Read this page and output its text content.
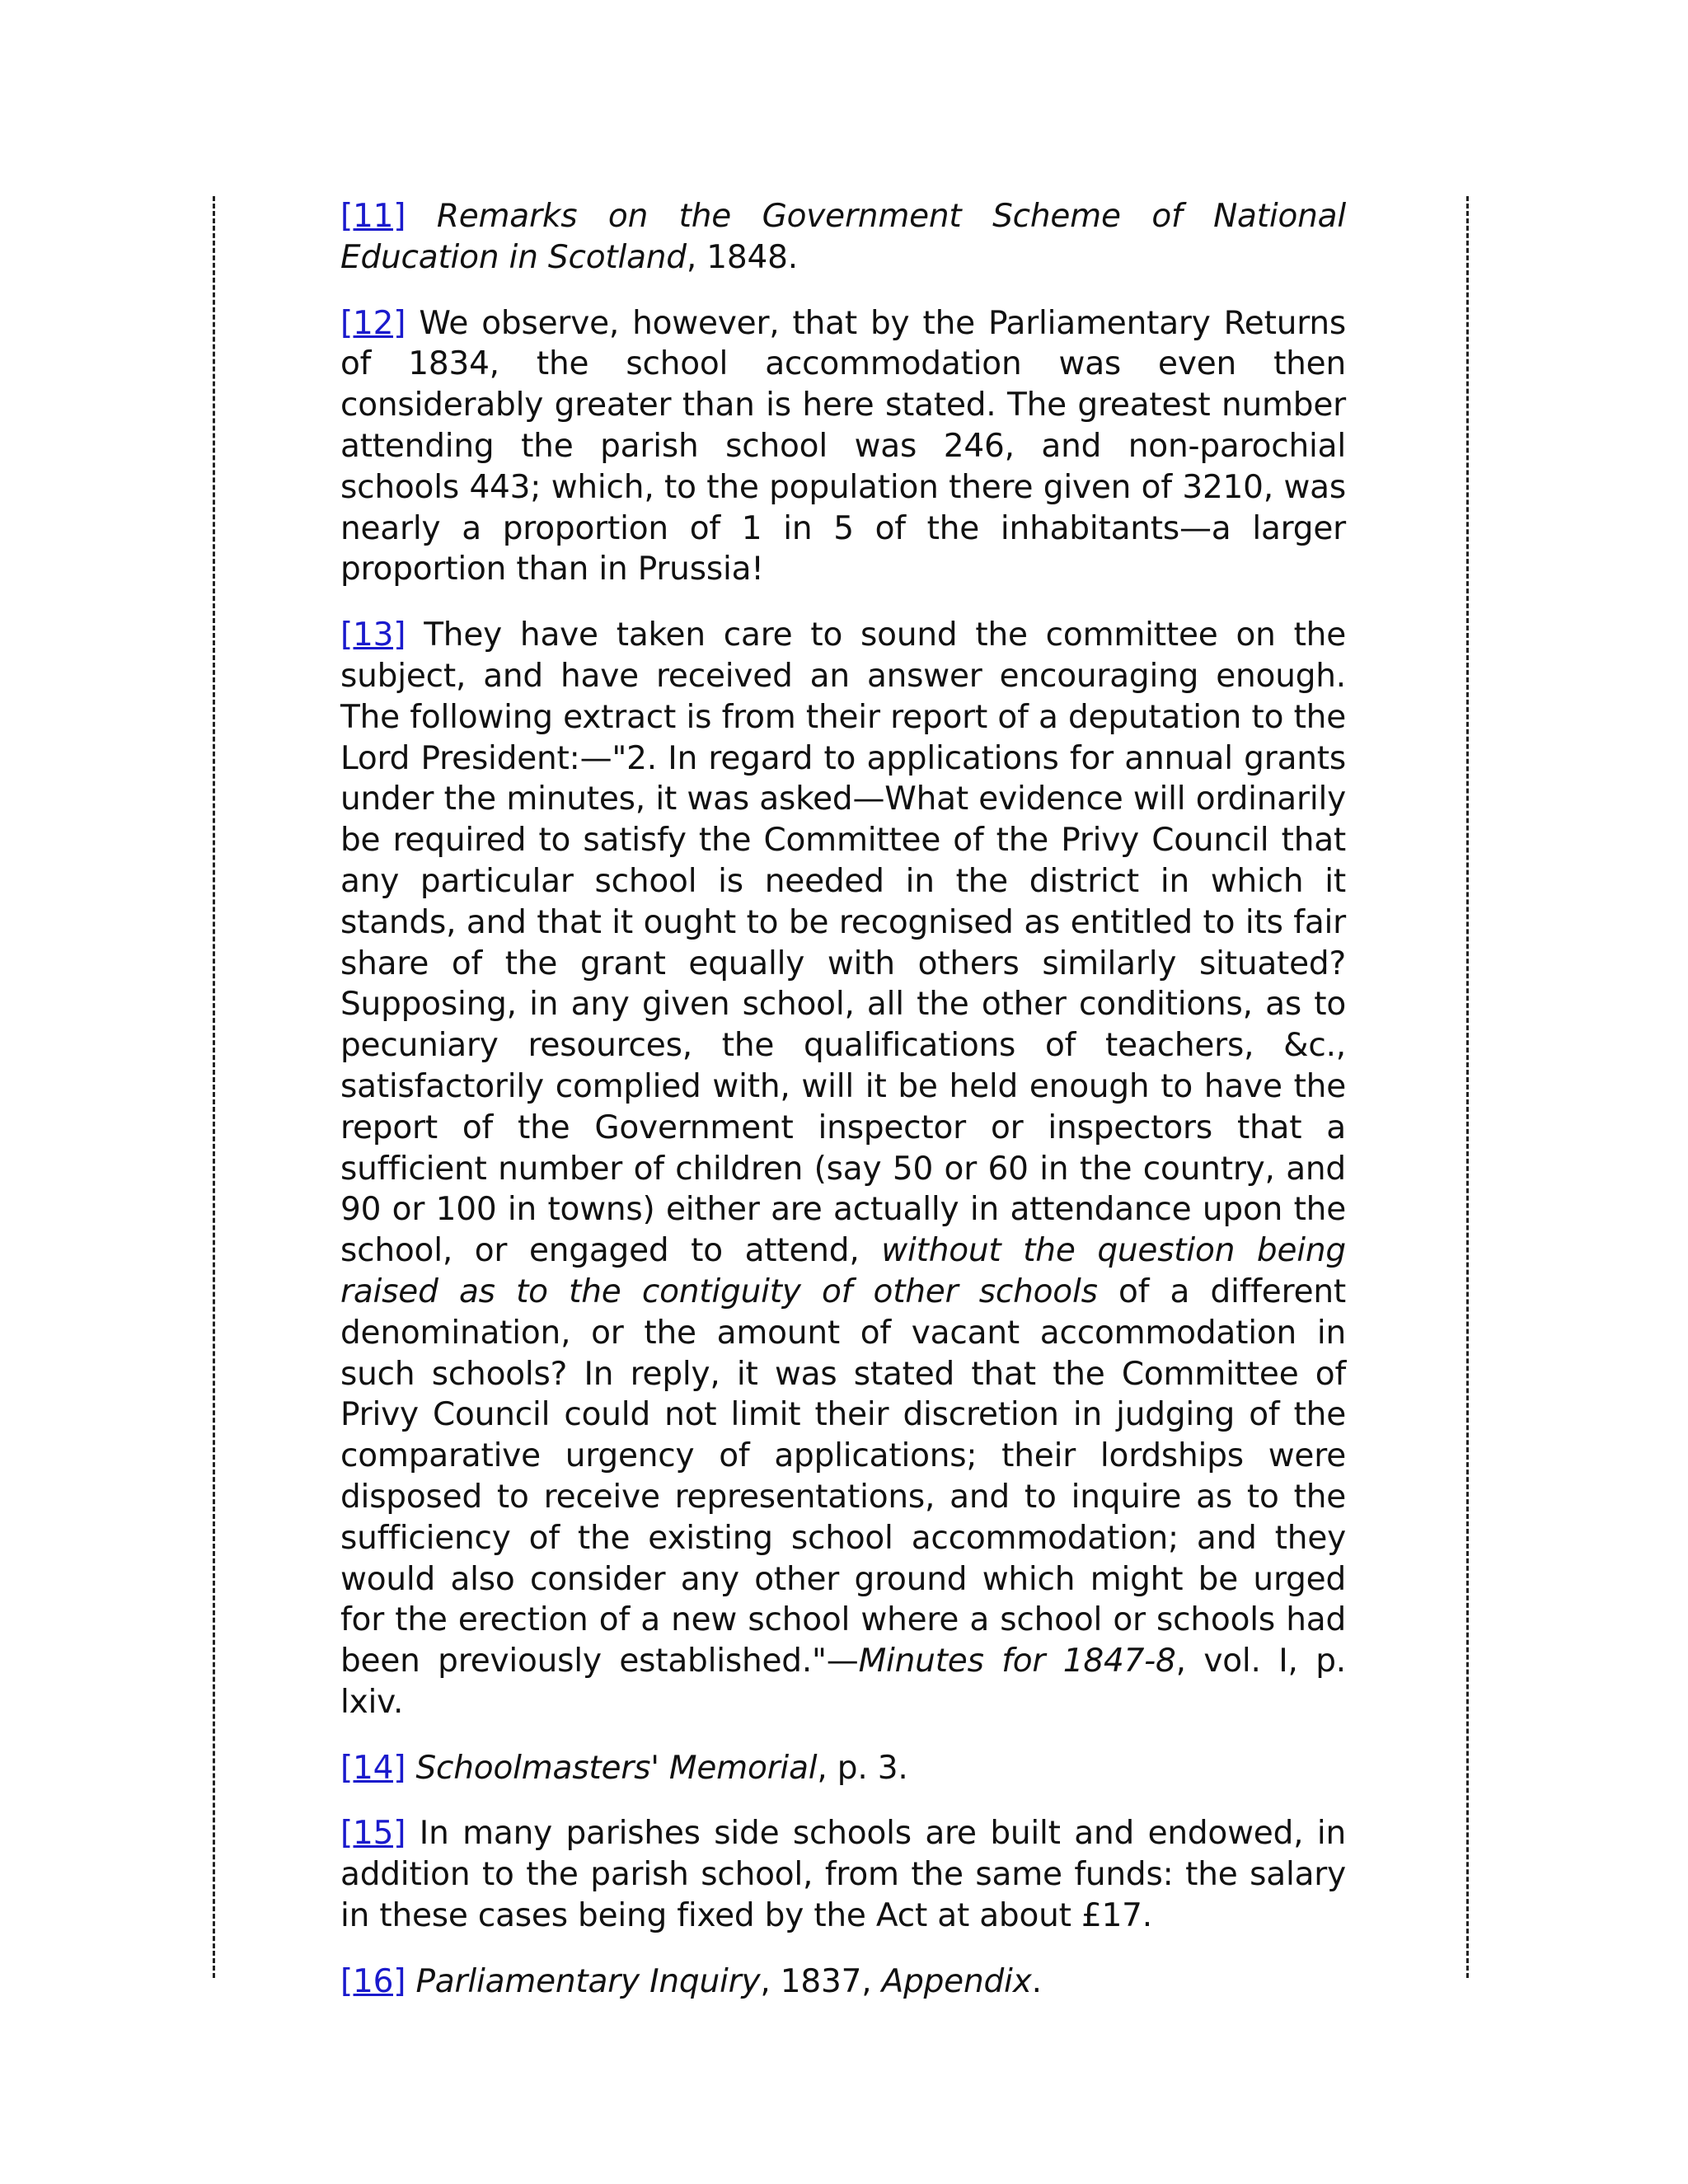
[11] Remarks on the Government Scheme of National Education in Scotland, 1848.

[12] We observe, however, that by the Parliamentary Returns of 1834, the school accommodation was even then considerably greater than is here stated. The greatest number attending the parish school was 246, and non-parochial schools 443; which, to the population there given of 3210, was nearly a proportion of 1 in 5 of the inhabitants—a larger proportion than in Prussia!

[13] They have taken care to sound the committee on the subject, and have received an answer encouraging enough. The following extract is from their report of a deputation to the Lord President:—"2. In regard to applications for annual grants under the minutes, it was asked—What evidence will ordinarily be required to satisfy the Committee of the Privy Council that any particular school is needed in the district in which it stands, and that it ought to be recognised as entitled to its fair share of the grant equally with others similarly situated? Supposing, in any given school, all the other conditions, as to pecuniary resources, the qualifications of teachers, &c., satisfactorily complied with, will it be held enough to have the report of the Government inspector or inspectors that a sufficient number of children (say 50 or 60 in the country, and 90 or 100 in towns) either are actually in attendance upon the school, or engaged to attend, without the question being raised as to the contiguity of other schools of a different denomination, or the amount of vacant accommodation in such schools? In reply, it was stated that the Committee of Privy Council could not limit their discretion in judging of the comparative urgency of applications; their lordships were disposed to receive representations, and to inquire as to the sufficiency of the existing school accommodation; and they would also consider any other ground which might be urged for the erection of a new school where a school or schools had been previously established."—Minutes for 1847-8, vol. I, p. lxiv.

[14] Schoolmasters' Memorial, p. 3.

[15] In many parishes side schools are built and endowed, in addition to the parish school, from the same funds: the salary in these cases being fixed by the Act at about £17.

[16] Parliamentary Inquiry, 1837, Appendix.
